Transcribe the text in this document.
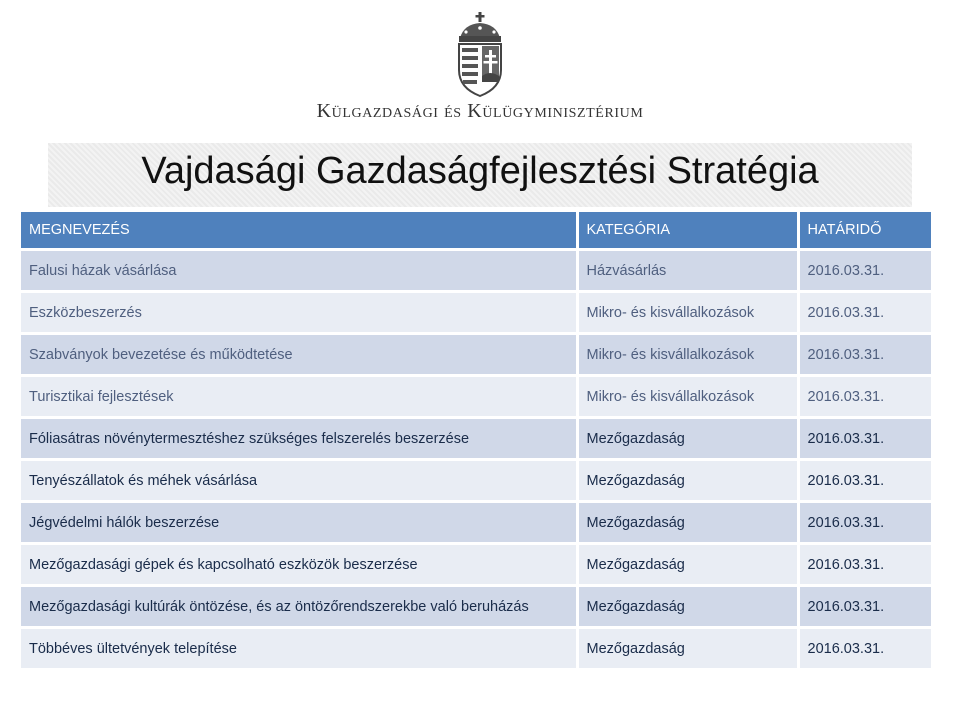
Külgazdasági és Külügyminisztérium
Vajdasági Gazdaságfejlesztési Stratégia
MEGNEVEZÉS	KATEGÓRIA	HATÁRIDŐ
Falusi házak vásárlása	Házvásárlás	2016.03.31.
Eszközbeszerzés	Mikro- és kisvállalkozások	2016.03.31.
Szabványok bevezetése és működtetése	Mikro- és kisvállalkozások	2016.03.31.
Turisztikai fejlesztések	Mikro- és kisvállalkozások	2016.03.31.
Fóliasátras növénytermesztéshez szükséges felszerelés beszerzése	Mezőgazdaság	2016.03.31.
Tenyészállatok és méhek vásárlása	Mezőgazdaság	2016.03.31.
Jégvédelmi hálók beszerzése	Mezőgazdaság	2016.03.31.
Mezőgazdasági gépek és kapcsolható eszközök beszerzése	Mezőgazdaság	2016.03.31.
Mezőgazdasági kultúrák öntözése, és az öntözőrendszerekbe való beruházás	Mezőgazdaság	2016.03.31.
Többéves ültetvények telepítése	Mezőgazdaság	2016.03.31.
